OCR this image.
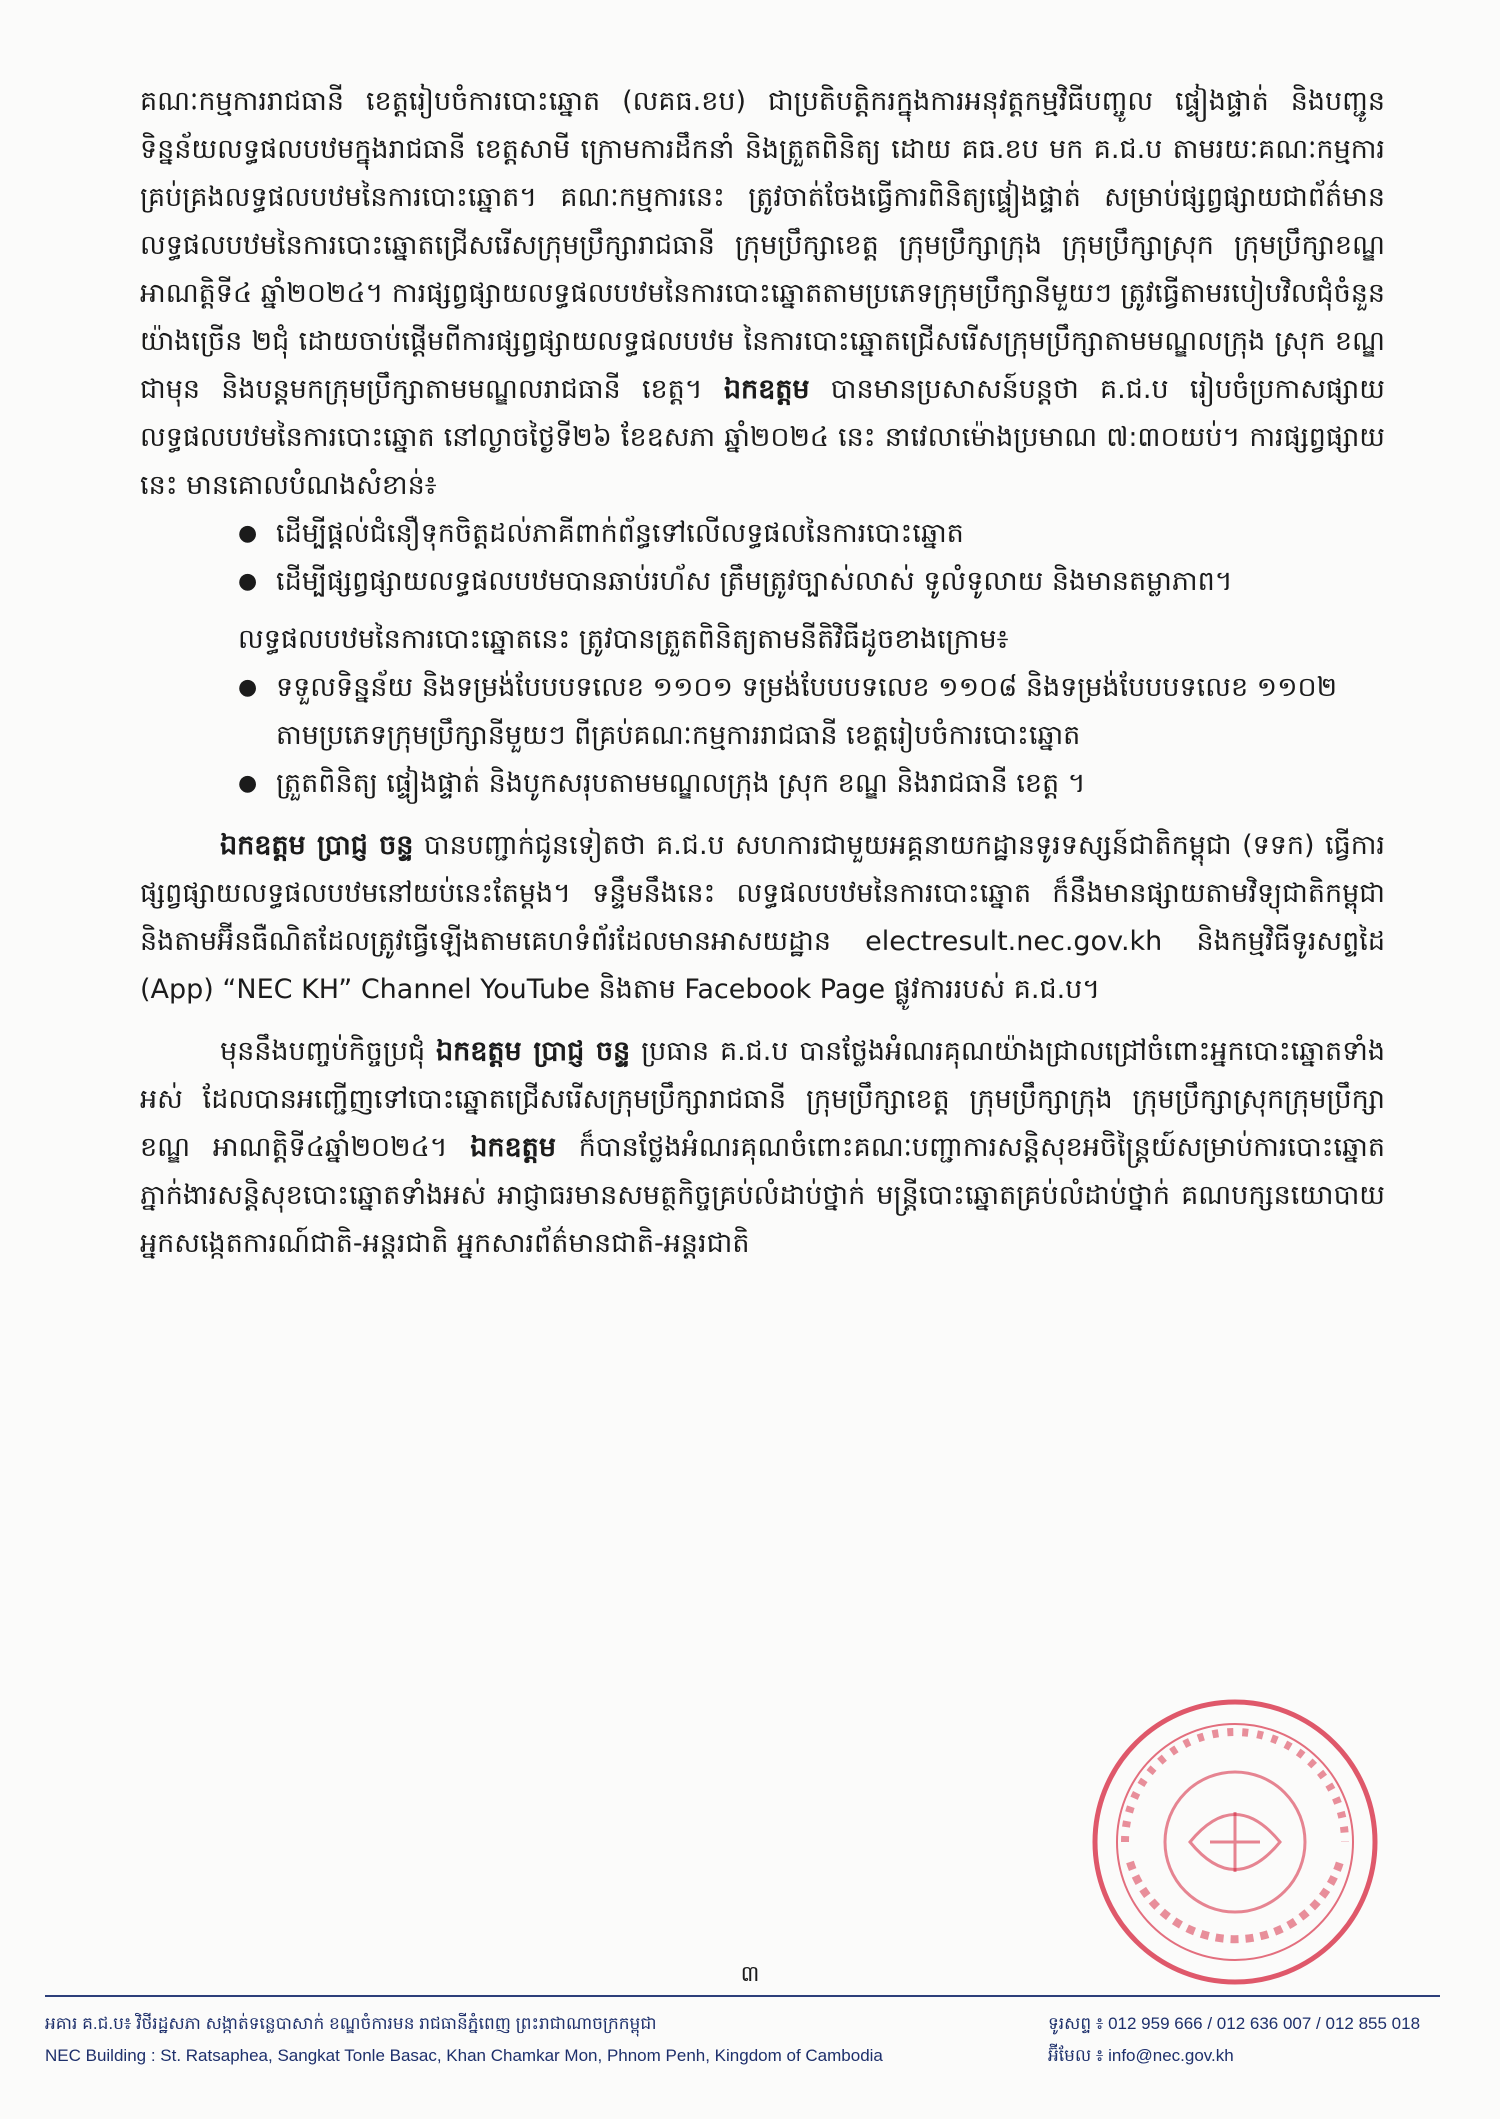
គណៈកម្មការរាជធានី ខេត្តរៀបចំការបោះឆ្នោត (លគធ.ខប) ជាប្រតិបត្តិករក្នុងការអនុវត្តកម្មវិធីបញ្ចូល ផ្ទៀងផ្ទាត់ និងបញ្ជូនទិន្នន័យលទ្ធផលបឋមក្នុងរាជធានី ខេត្តសាមី ក្រោមការដឹកនាំ និងត្រួតពិនិត្យ ដោយ គធ.ខប មក គ.ជ.ប តាមរយៈគណៈកម្មការគ្រប់គ្រងលទ្ធផលបឋមនៃការបោះឆ្នោត។ គណៈកម្មការនេះ ត្រូវចាត់ចែងធ្វើការពិនិត្យផ្ទៀងផ្ទាត់ សម្រាប់ផ្សព្វផ្សាយជាព័ត៌មានលទ្ធផលបឋមនៃការបោះឆ្នោតជ្រើសរើសក្រុមប្រឹក្សារាជធានី ក្រុមប្រឹក្សាខេត្ត ក្រុមប្រឹក្សាក្រុង ក្រុមប្រឹក្សាស្រុក ក្រុមប្រឹក្សាខណ្ឌ អាណត្តិទី៤ ឆ្នាំ២០២៤។ ការផ្សព្វផ្សាយលទ្ធផលបឋមនៃការបោះឆ្នោតតាមប្រភេទក្រុមប្រឹក្សានីមួយៗ ត្រូវធ្វើតាមរបៀបវិលជុំចំនួនយ៉ាងច្រើន ២ជុំ ដោយចាប់ផ្តើមពីការផ្សព្វផ្សាយលទ្ធផលបឋម នៃការបោះឆ្នោតជ្រើសរើសក្រុមប្រឹក្សាតាមមណ្ឌលក្រុង ស្រុក ខណ្ឌជាមុន និងបន្តមកក្រុមប្រឹក្សាតាមមណ្ឌលរាជធានី ខេត្ត។ ឯកឧត្តម បានមានប្រសាសន៍បន្តថា គ.ជ.ប រៀបចំប្រកាសផ្សាយលទ្ធផលបឋមនៃការបោះឆ្នោត នៅល្ងាចថ្ងៃទី២៦ ខែឧសភា ឆ្នាំ២០២៤ នេះ នាវេលាម៉ោងប្រមាណ ៧:៣០យប់។ ការផ្សព្វផ្សាយនេះ មានគោលបំណងសំខាន់៖

● ដើម្បីផ្តល់ជំនឿទុកចិត្តដល់ភាគីពាក់ព័ន្ធទៅលើលទ្ធផលនៃការបោះឆ្នោត
● ដើម្បីផ្សព្វផ្សាយលទ្ធផលបឋមបានឆាប់រហ័ស ត្រឹមត្រូវច្បាស់លាស់ ទូលំទូលាយ និងមានតម្លាភាព។

លទ្ធផលបឋមនៃការបោះឆ្នោតនេះ ត្រូវបានត្រួតពិនិត្យតាមនីតិវិធីដូចខាងក្រោម៖

● ទទួលទិន្នន័យ និងទម្រង់បែបបទលេខ ១១០១ ទម្រង់បែបបទលេខ ១១០៨ និងទម្រង់បែបបទលេខ ១១០២ តាមប្រភេទក្រុមប្រឹក្សានីមួយៗ ពីគ្រប់គណៈកម្មការរាជធានី ខេត្តរៀបចំការបោះឆ្នោត
● ត្រួតពិនិត្យ ផ្ទៀងផ្ទាត់ និងបូកសរុបតាមមណ្ឌលក្រុង ស្រុក ខណ្ឌ និងរាជធានី ខេត្ត ។

ឯកឧត្តម ប្រាជ្ញ ចន្ទ បានបញ្ជាក់ជូនទៀតថា គ.ជ.ប សហការជាមួយអគ្គនាយកដ្ឋានទូរទស្សន៍ជាតិកម្ពុជា (ទទក) ធ្វើការផ្សព្វផ្សាយលទ្ធផលបឋមនៅយប់នេះតែម្តង។ ទន្ទឹមនឹងនេះ លទ្ធផលបឋមនៃការបោះឆ្នោត ក៏នឹងមានផ្សាយតាមវិទ្យុជាតិកម្ពុជា និងតាមអ៊ីនធឺណិតដែលត្រូវធ្វើឡើងតាមគេហទំព័រដែលមានអាសយដ្ឋាន electresult.nec.gov.kh និងកម្មវិធីទូរសព្ទដៃ (App) “NEC KH” Channel YouTube និងតាម Facebook Page ផ្លូវការរបស់ គ.ជ.ប។

មុននឹងបញ្ចប់កិច្ចប្រជុំ ឯកឧត្តម ប្រាជ្ញ ចន្ទ ប្រធាន គ.ជ.ប បានថ្លែងអំណរគុណយ៉ាងជ្រាលជ្រៅចំពោះអ្នកបោះឆ្នោតទាំងអស់ ដែលបានអញ្ជើញទៅបោះឆ្នោតជ្រើសរើសក្រុមប្រឹក្សារាជធានី ក្រុមប្រឹក្សាខេត្ត ក្រុមប្រឹក្សាក្រុង ក្រុមប្រឹក្សាស្រុកក្រុមប្រឹក្សាខណ្ឌ អាណត្តិទី៤ឆ្នាំ២០២៤។ ឯកឧត្តម ក៏បានថ្លែងអំណរគុណចំពោះគណៈបញ្ជាការសន្តិសុខអចិន្ត្រៃយ៍សម្រាប់ការបោះឆ្នោត ភ្នាក់ងារសន្តិសុខបោះឆ្នោតទាំងអស់ អាជ្ញាធរមានសមត្ថកិច្ចគ្រប់លំដាប់ថ្នាក់ មន្ត្រីបោះឆ្នោតគ្រប់លំដាប់ថ្នាក់ គណបក្សនយោបាយ អ្នកសង្កេតការណ៍ជាតិ-អន្តរជាតិ អ្នកសារព័ត៌មានជាតិ-អន្តរជាតិ

៣
អគារ គ.ជ.ប៖ វិថីរដ្ឋសភា សង្កាត់ទន្លេបាសាក់ ខណ្ឌចំការមន រាជធានីភ្នំពេញ ព្រះរាជាណាចក្រកម្ពុជា
NEC Building : St. Ratsaphea, Sangkat Tonle Basac, Khan Chamkar Mon, Phnom Penh, Kingdom of Cambodia
ទូរសព្ទ ៖ 012 959 666 / 012 636 007 / 012 855 018
អ៊ីមែល ៖ info@nec.gov.kh
